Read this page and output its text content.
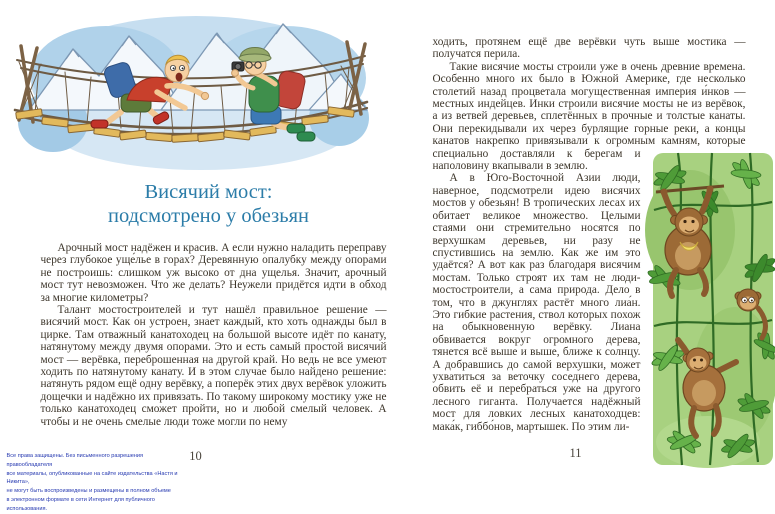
Висячий мост:
подсмотрено у обезьян

Арочный мост надёжен и красив. А если нужно наладить переправу через глубокое уще́лье в горах? Деревянную опалубку между опорами не построишь: слишком уж высоко от дна ущелья. Значит, арочный мост тут невозможен. Что же делать? Неужели придётся идти в обход за многие километры?

Талант мостостроителей и тут нашёл правильное решение — висячий мост. Как он устроен, знает каждый, кто хоть однажды был в цирке. Там отважный канатоходец на большой высоте идёт по канату, натянутому между двумя опорами. Это и есть самый простой висячий мост — верёвка, переброшенная на другой край. Но ведь не все умеют ходить по натянутому канату. И в этом случае было найдено решение: натянуть рядом ещё одну верёвку, а поперёк этих двух верёвок уложить дощечки и надёжно их привязать. По такому широкому мостику уже не только канатоходец сможет пройти, но и любой смелый человек. А чтобы и не очень смелые люди тоже могли по нему

Все права защищены. Без письменного разрешения правообладателя
все материалы, опубликованные на сайте издательства «Настя и Никита»,
не могут быть воспроизведены и размещены в полном объеме
в электронном формате в сети Интернет для публичного использования.
10

ходить, протянем ещё две верёвки чуть выше мостика — получатся перила.

Такие висячие мосты строили уже в очень древние времена. Особенно много их было в Южной Америке, где несколько столетий назад процветала могущественная империя и́нков — местных индейцев. Инки строили висячие мосты не из верёвок, а из ветвей деревьев, сплетённых в прочные и толстые канаты. Они перекидывали их через бурлящие горные реки, а концы канатов накрепко привязывали к огромным камням, которые
специально доставляли к берегам и наполовину вкапывали в землю.

А в Юго-Восточной Азии люди, наверное, подсмотрели идею висячих мостов у обезьян! В тропических лесах их обитает великое множество. Целыми стаями они стремительно носятся по верхушкам деревьев, ни разу не спустившись на землю. Как же им это удаётся? А вот как раз благодаря висячим мостам. Только строят их там не люди-мостостроители, а сама природа. Дело в том, что в джунглях растёт много лиа́н. Это гибкие растения, ствол которых похож на обыкновенную верёвку. Лиана обвивается вокруг огромного дерева, тянется всё выше и выше, ближе к солнцу. А добравшись до самой верхушки, может ухватиться за веточку соседнего дерева, обвить её и перебраться уже на другого лесного гиганта. Получается надёжный мост для ловких лесных канатоходцев: мака́к, гиббо́нов, мартышек. По этим ли-

11
